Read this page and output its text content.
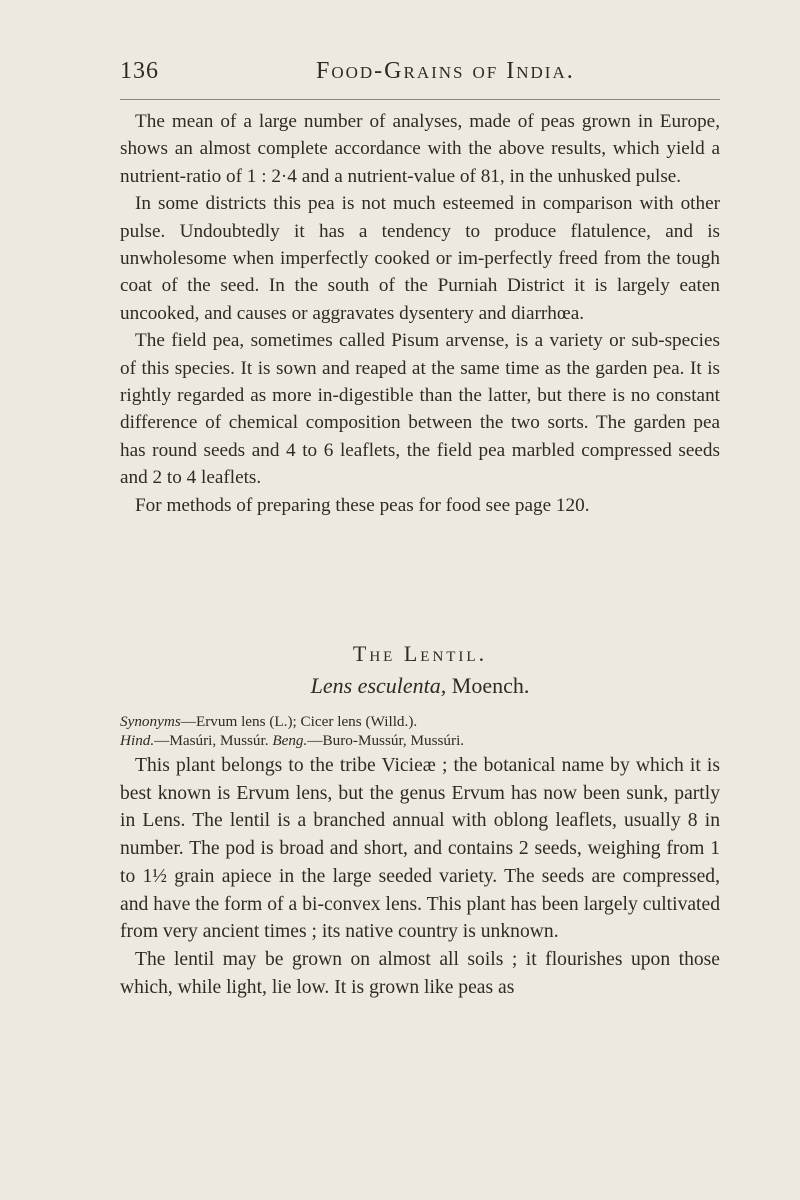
136	Food-Grains of India.

The mean of a large number of analyses, made of peas grown in Europe, shows an almost complete accordance with the above results, which yield a nutrient-ratio of 1 : 2·4 and a nutrient-value of 81, in the unhusked pulse.

In some districts this pea is not much esteemed in comparison with other pulse. Undoubtedly it has a tendency to produce flatulence, and is unwholesome when imperfectly cooked or im-perfectly freed from the tough coat of the seed. In the south of the Purniah District it is largely eaten uncooked, and causes or aggravates dysentery and diarrhœa.

The field pea, sometimes called Pisum arvense, is a variety or sub-species of this species. It is sown and reaped at the same time as the garden pea. It is rightly regarded as more in-digestible than the latter, but there is no constant difference of chemical composition between the two sorts. The garden pea has round seeds and 4 to 6 leaflets, the field pea marbled compressed seeds and 2 to 4 leaflets.

For methods of preparing these peas for food see page 120.

The Lentil.
Lens esculenta, Moench.
Synonyms—Ervum lens (L.); Cicer lens (Willd.).
Hind.—Masúri, Mussúr. Beng.—Buro-Mussúr, Mussúri.

This plant belongs to the tribe Viciеæ ; the botanical name by which it is best known is Ervum lens, but the genus Ervum has now been sunk, partly in Lens. The lentil is a branched annual with oblong leaflets, usually 8 in number. The pod is broad and short, and contains 2 seeds, weighing from 1 to 1½ grain apiece in the large seeded variety. The seeds are compressed, and have the form of a bi-convex lens. This plant has been largely cultivated from very ancient times ; its native country is unknown.

The lentil may be grown on almost all soils ; it flourishes upon those which, while light, lie low. It is grown like peas as
